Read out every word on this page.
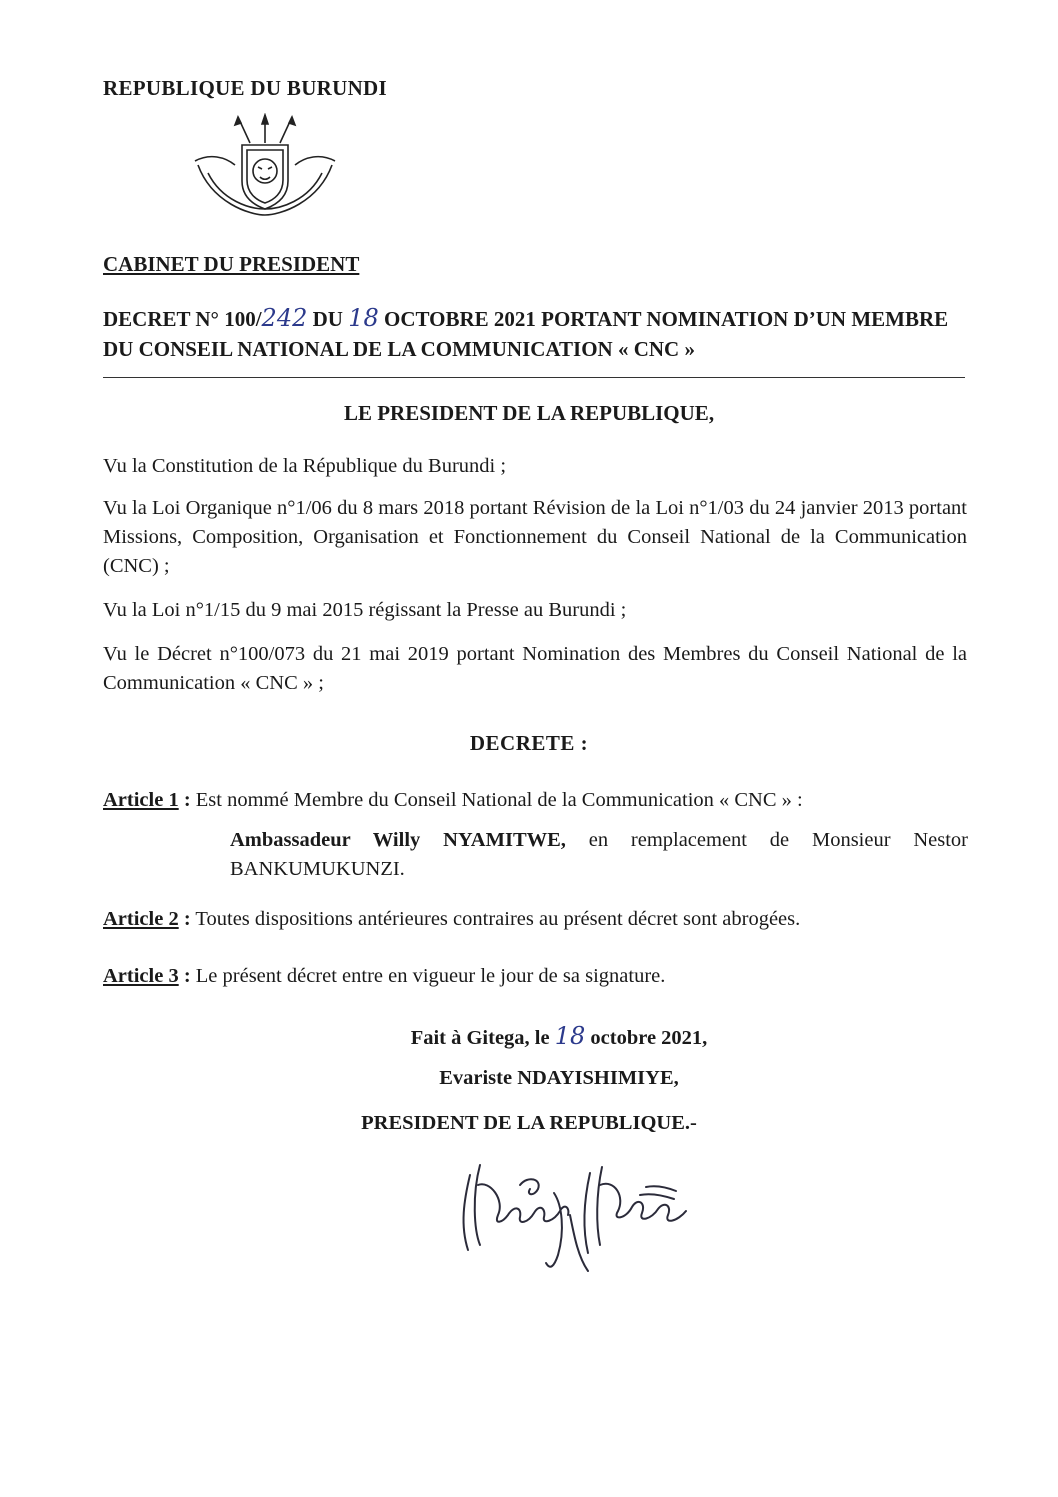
REPUBLIQUE DU BURUNDI
CABINET DU PRESIDENT
DECRET N° 100/242 DU 18 OCTOBRE 2021 PORTANT NOMINATION D’UN MEMBRE DU CONSEIL NATIONAL DE LA COMMUNICATION « CNC »
LE PRESIDENT DE LA REPUBLIQUE,
Vu la Constitution de la République du Burundi ;
Vu la Loi Organique n°1/06 du 8 mars 2018 portant Révision de la Loi n°1/03 du 24 janvier 2013 portant Missions, Composition, Organisation et Fonctionnement du Conseil National de la Communication (CNC) ;
Vu la Loi n°1/15 du 9 mai 2015 régissant la Presse au Burundi ;
Vu le Décret n°100/073 du 21 mai 2019 portant Nomination des Membres du Conseil National de la Communication « CNC » ;
DECRETE :
Article 1 : Est nommé Membre du Conseil National de la Communication « CNC » :
Ambassadeur Willy NYAMITWE, en remplacement de Monsieur Nestor BANKUMUKUNZI.
Article 2 : Toutes dispositions antérieures contraires au présent décret sont abrogées.
Article 3 : Le présent décret entre en vigueur le jour de sa signature.
Fait à Gitega, le 18 octobre 2021,
Evariste NDAYISHIMIYE,
PRESIDENT DE LA REPUBLIQUE.-
